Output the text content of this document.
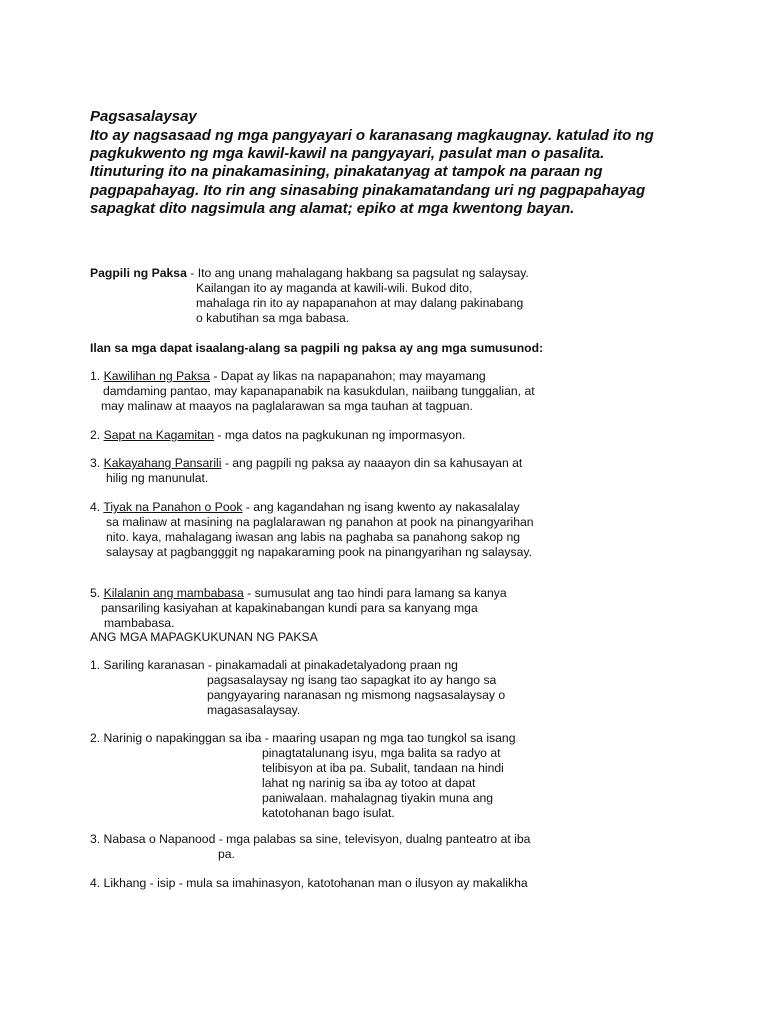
Pagsasalaysay
Ito ay nagsasaad ng mga pangyayari o karanasang magkaugnay. katulad ito ng pagkukwento ng mga kawil-kawil na pangyayari, pasulat man o pasalita. Itinuturing ito na pinakamasining, pinakatanyag at tampok na paraan ng pagpapahayag. Ito rin ang sinasabing pinakamatandang uri ng pagpapahayag sapagkat dito nagsimula ang alamat; epiko at mga kwentong bayan.
Pagpili ng Paksa - Ito ang unang mahalagang hakbang sa pagsulat ng salaysay.
Kailangan ito ay maganda at kawili-wili. Bukod dito,
mahalaga rin ito ay napapanahon at may dalang pakinabang
o kabutihan sa mga babasa.
Ilan sa mga dapat isaalang-alang sa pagpili ng paksa ay ang mga sumusunod:
1. Kawilihan ng Paksa - Dapat ay likas na napapanahon; may mayamang
damdaming pantao, may kapanapanabik na kasukdulan, naiibang tunggalian, at
may malinaw at maayos na paglalarawan sa mga tauhan at tagpuan.
2. Sapat na Kagamitan - mga datos na pagkukunan ng impormasyon.
3. Kakayahang Pansarili - ang pagpili ng paksa ay naaayon din sa kahusayan at
hilig ng manunulat.
4. Tiyak na Panahon o Pook - ang kagandahan ng isang kwento ay nakasalalay
sa malinaw at masining na paglalarawan ng panahon at pook na pinangyarihan
nito. kaya, mahalagang iwasan ang labis na paghaba sa panahong sakop ng
salaysay at pagbangggit ng napakaraming pook na pinangyarihan ng salaysay.
5. Kilalanin ang mambabasa - sumusulat ang tao hindi para lamang sa kanya
pansariling kasiyahan at kapakinabangan kundi para sa kanyang mga
mambabasa.
ANG MGA MAPAGKUKUNAN NG PAKSA
1. Sariling karanasan - pinakamadali at pinakadetalyadong praan ng
pagsasalaysay ng isang tao sapagkat ito ay hango sa
pangyayaring naranasan ng mismong nagsasalaysay o
magasasalaysay.
2. Narinig o napakinggan sa iba - maaring usapan ng mga tao tungkol sa isang
pinagtatalunang isyu, mga balita sa radyo at
telibisyon at iba pa. Subalit, tandaan na hindi
lahat ng narinig sa iba ay totoo at dapat
paniwalaan. mahalagnag tiyakin muna ang
katotohanan bago isulat.
3. Nabasa o Napanood - mga palabas sa sine, televisyon, dualng panteatro at iba
pa.
4. Likhang - isip - mula sa imahinasyon, katotohanan man o ilusyon ay makalikha
